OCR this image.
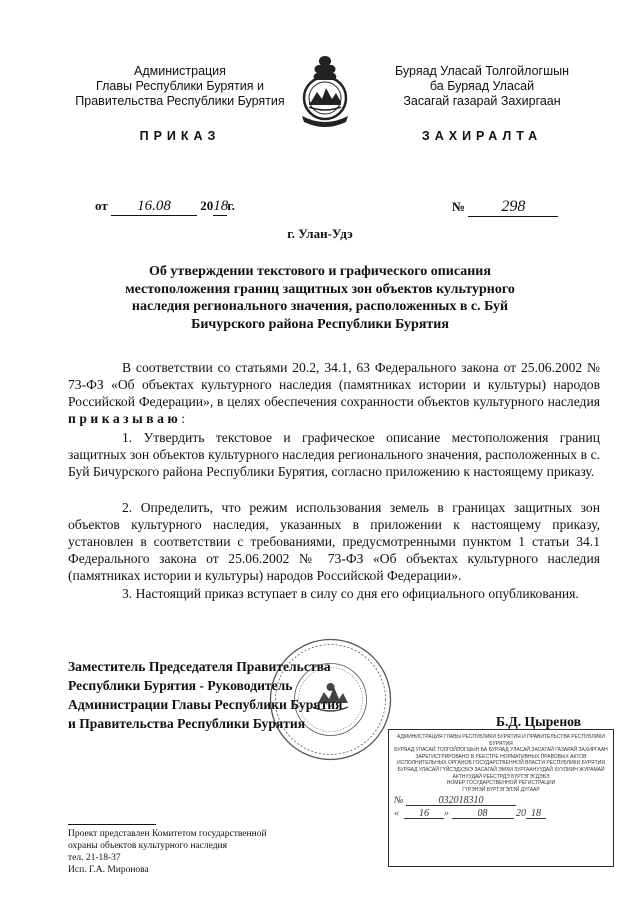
Администрация
Главы Республики Бурятия и
Правительства Республики Бурятия
ПРИКАЗ
Буряад Уласай Толгойлогшын
ба Буряад Уласай
Засагай газарай Захиргаан
ЗАХИРАЛТА
от 16.08 2018г.	№ 298
г. Улан-Удэ
Об утверждении текстового и графического описания местоположения границ защитных зон объектов культурного наследия регионального значения, расположенных в с. Буй Бичурского района Республики Бурятия
В соответствии со статьями 20.2, 34.1, 63 Федерального закона от 25.06.2002 № 73-ФЗ «Об объектах культурного наследия (памятниках истории и культуры) народов Российской Федерации», в целях обеспечения сохранности объектов культурного наследия приказываю:
1. Утвердить текстовое и графическое описание местоположения границ защитных зон объектов культурного наследия регионального значения, расположенных в с. Буй Бичурского района Республики Бурятия, согласно приложению к настоящему приказу.
2. Определить, что режим использования земель в границах защитных зон объектов культурного наследия, указанных в приложении к настоящему приказу, установлен в соответствии с требованиями, предусмотренными пунктом 1 статьи 34.1 Федерального закона от 25.06.2002 № 73-ФЗ «Об объектах культурного наследия (памятниках истории и культуры) народов Российской Федерации».
3. Настоящий приказ вступает в силу со дня его официального опубликования.
Заместитель Председателя Правительства
Республики Бурятия - Руководитель
Администрации Главы Республики Бурятия
и Правительства Республики Бурятия	Б.Д. Цыренов
АДМИНИСТРАЦИЯ ГЛАВЫ РЕСПУБЛИКИ БУРЯТИЯ И ПРАВИТЕЛЬСТВА РЕСПУБЛИКИ БУРЯТИЯ
БУРЯАД УЛАСАЙ ТОЛГОЙЛОГШЫН БА БУРЯАД УЛАСАЙ ЗАСАГАЙ ГАЗАРАЙ ЗАХИРГААН
ЗАРЕГИСТРИРОВАНО В РЕЕСТРЕ НОРМАТИВНЫХ ПРАВОВЫХ АКТОВ ИСПОЛНИТЕЛЬНЫХ ОРГАНОВ ГОСУДАРСТВЕННОЙ ВЛАСТИ РЕСПУБЛИКИ БУРЯТИЯ
БУРЯАД УЛАСАЙ ГҮЙСЭДХЭХЭ ЗАСАГАЙ ЭМХИ ЗУРГААНУУДАЙ ХУУЛИИН ЖУРАМАЙ АКТНУУДАЙ РЕЕСТРДЭ БҮРТЭГЭГДЭБЭ
НОМЕР ГОСУДАРСТВЕННОЙ РЕГИСТРАЦИИ
ГҮРЭНЭЙ БҮРТЭГЭЛЭЙ ДУГААР
№	032018310
« 16 »	08	20 18
Проект представлен Комитетом государственной
охраны объектов культурного наследия
тел. 21-18-37
Исп. Г.А. Миронова
